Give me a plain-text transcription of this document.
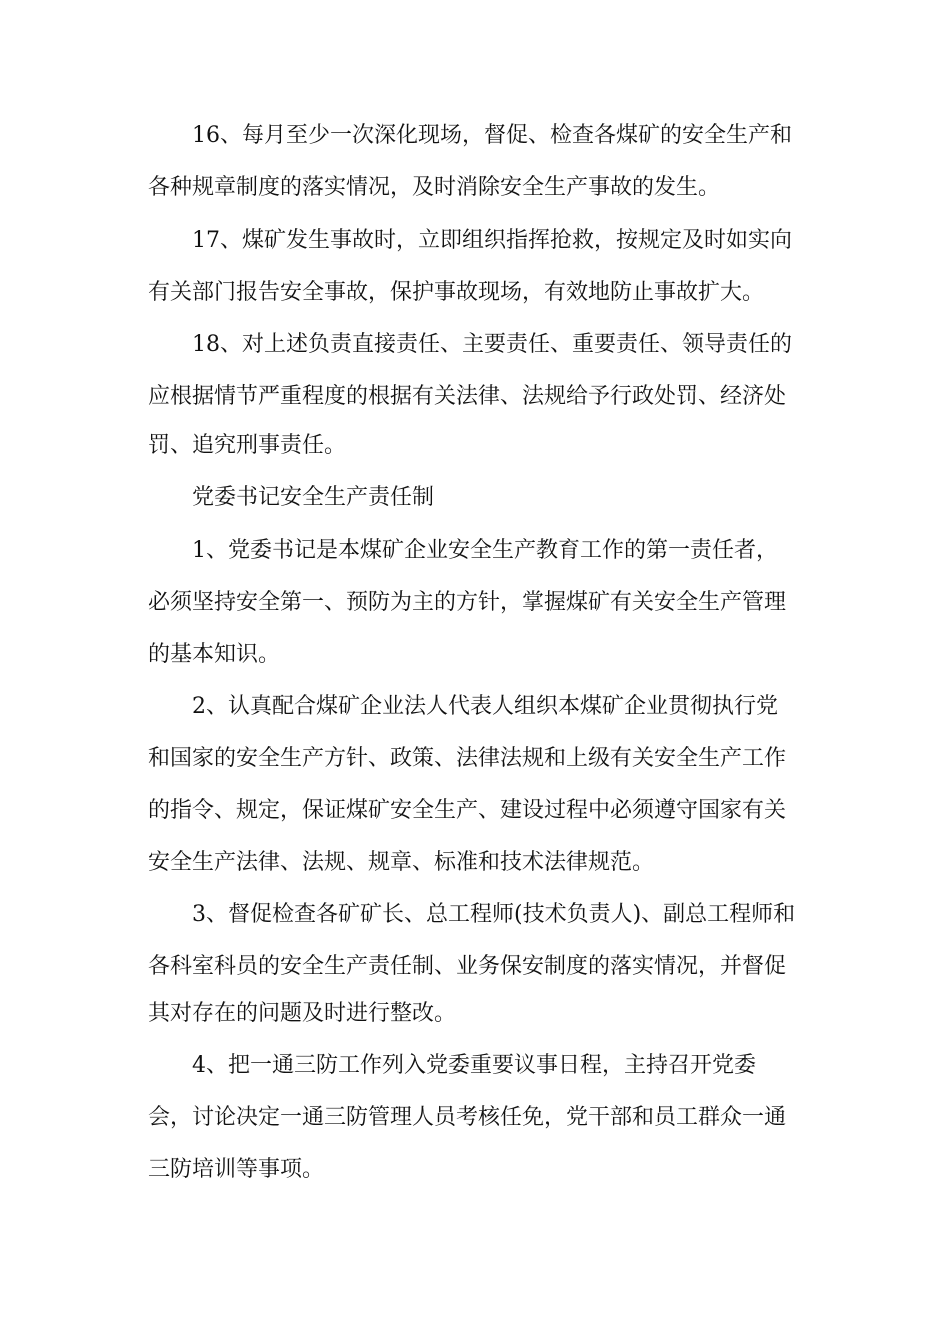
16、每月至少一次深化现场，督促、检查各煤矿的安全生产和
各种规章制度的落实情况，及时消除安全生产事故的发生。
17、煤矿发生事故时，立即组织指挥抢救，按规定及时如实向
有关部门报告安全事故，保护事故现场，有效地防止事故扩大。
18、对上述负责直接责任、主要责任、重要责任、领导责任的
应根据情节严重程度的根据有关法律、法规给予行政处罚、经济处
罚、追究刑事责任。
党委书记安全生产责任制
1、党委书记是本煤矿企业安全生产教育工作的第一责任者，
必须坚持安全第一、预防为主的方针，掌握煤矿有关安全生产管理
的基本知识。
2、认真配合煤矿企业法人代表人组织本煤矿企业贯彻执行党
和国家的安全生产方针、政策、法律法规和上级有关安全生产工作
的指令、规定，保证煤矿安全生产、建设过程中必须遵守国家有关
安全生产法律、法规、规章、标准和技术法律规范。
3、督促检查各矿矿长、总工程师(技术负责人)、副总工程师和
各科室科员的安全生产责任制、业务保安制度的落实情况，并督促
其对存在的问题及时进行整改。
4、把一通三防工作列入党委重要议事日程，主持召开党委
会，讨论决定一通三防管理人员考核任免，党干部和员工群众一通
三防培训等事项。
